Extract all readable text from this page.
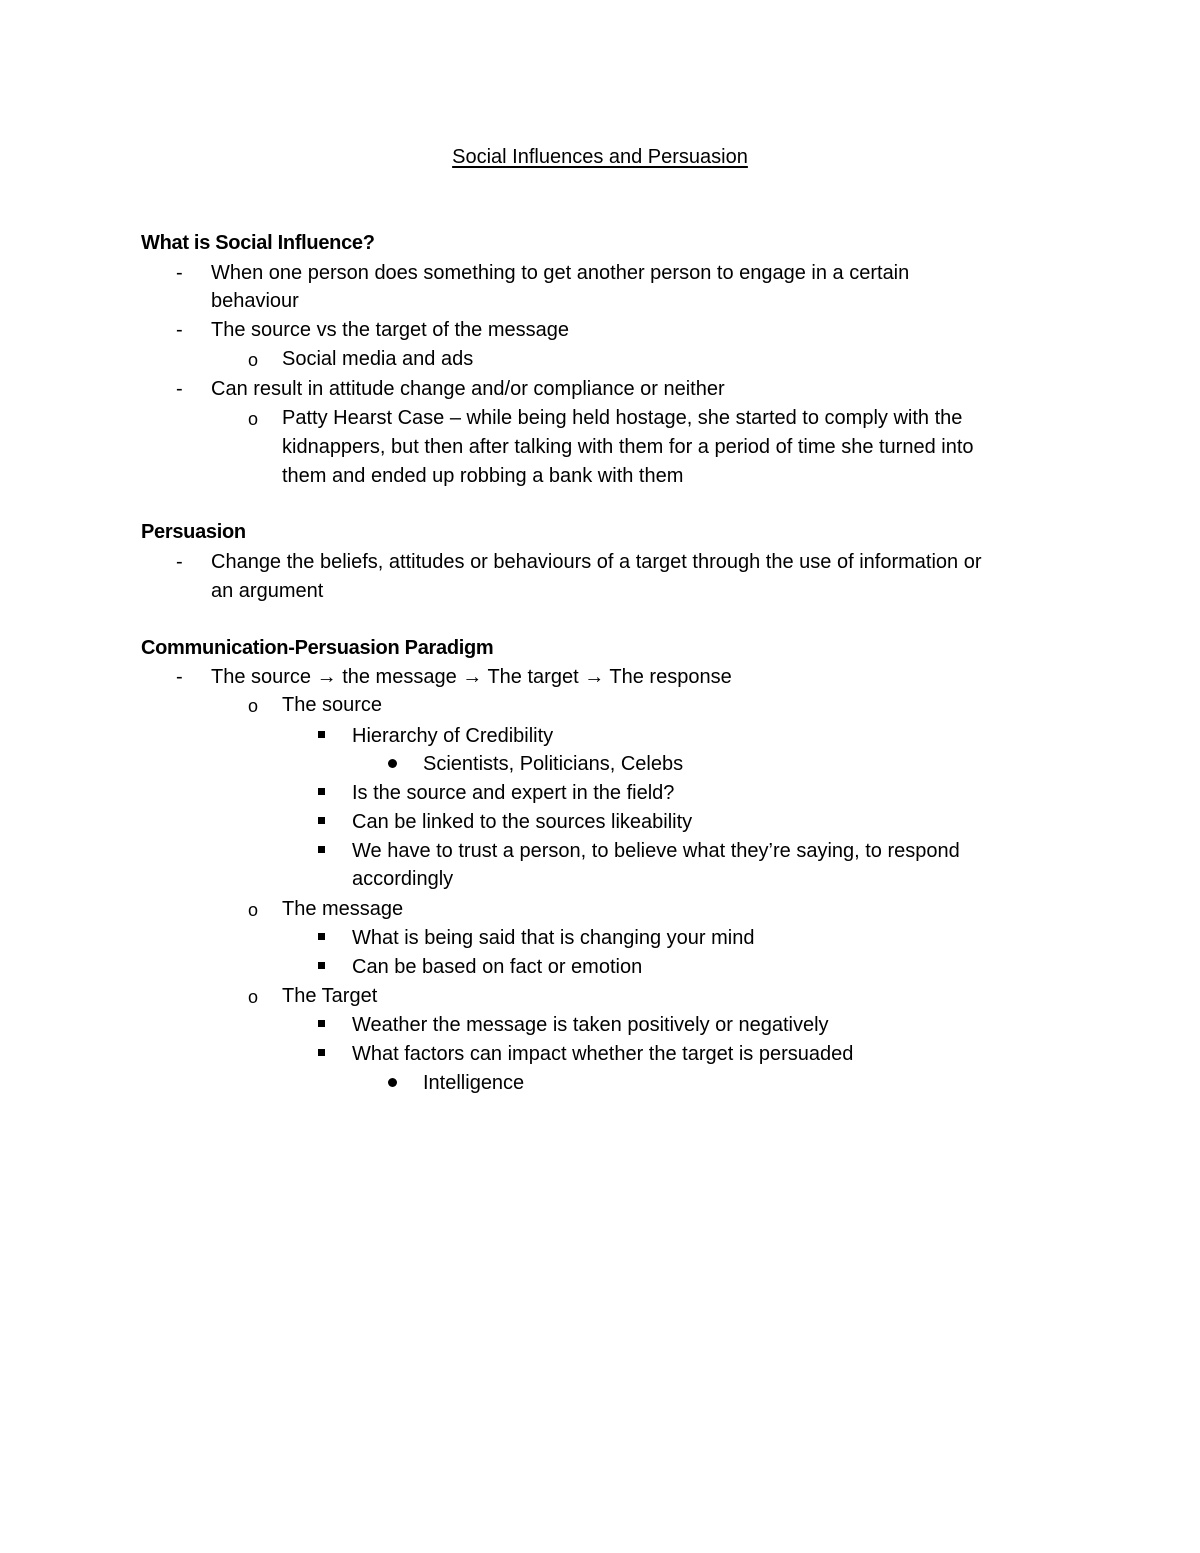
Social Influences and Persuasion
What is Social Influence?
- When one person does something to get another person to engage in a certain
behaviour
- The source vs the target of the message
o Social media and ads
- Can result in attitude change and/or compliance or neither
o Patty Hearst Case – while being held hostage, she started to comply with the
kidnappers, but then after talking with them for a period of time she turned into
them and ended up robbing a bank with them
Persuasion
- Change the beliefs, attitudes or behaviours of a target through the use of information or
an argument
Communication-Persuasion Paradigm
- The source → the message → The target → The response
o The source
Hierarchy of Credibility
Scientists, Politicians, Celebs
Is the source and expert in the field?
Can be linked to the sources likeability
We have to trust a person, to believe what they’re saying, to respond
accordingly
o The message
What is being said that is changing your mind
Can be based on fact or emotion
o The Target
Weather the message is taken positively or negatively
What factors can impact whether the target is persuaded
Intelligence
